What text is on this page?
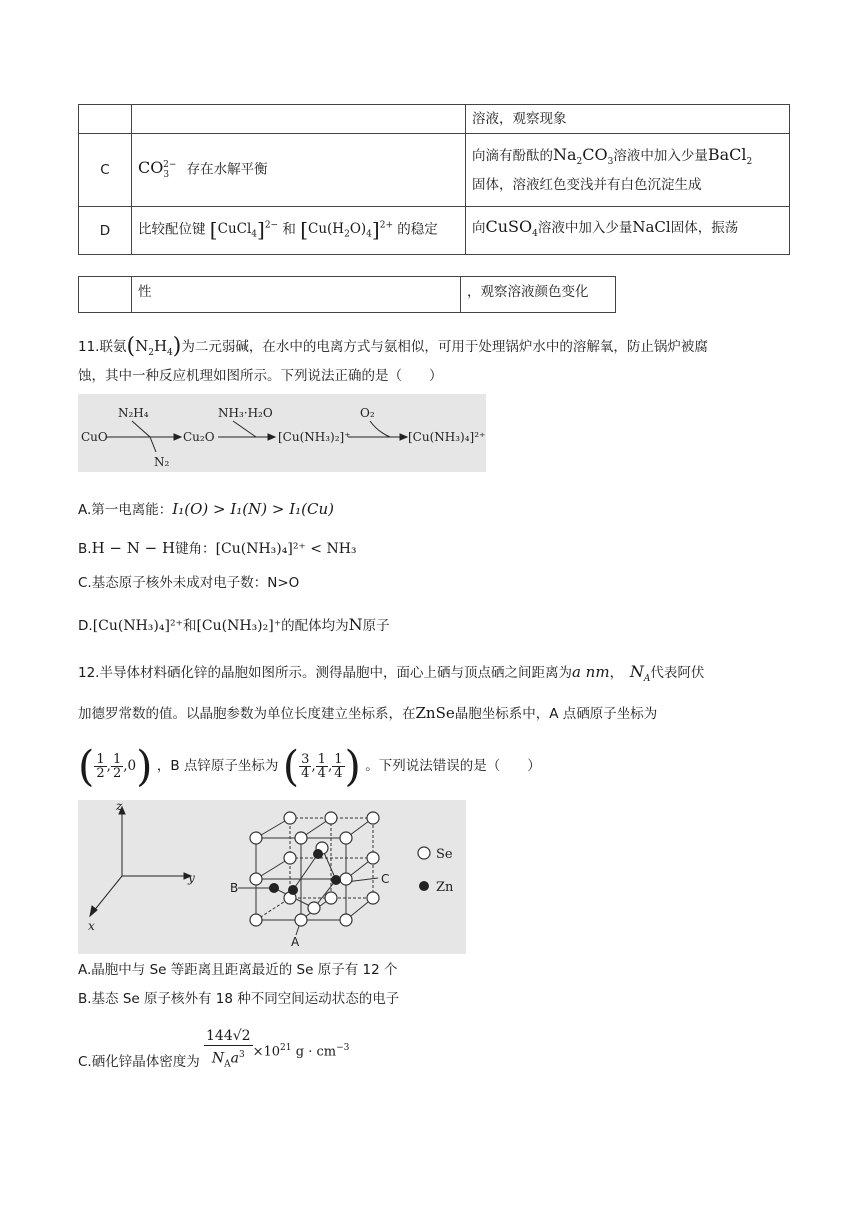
		溶液，观察现象
C	$CO_3^{2-}$ 存在水解平衡	向滴有酚酞的$Na_2CO_3$溶液中加入少量BaCl$_2$
固体，溶液红色变浅并有白色沉淀生成

D	比较配位键 [CuCl$_4$]$^{2-}$ 和 $[Cu(H_2O)_4]^{2+}$ 的稳定	向CuSO$_4$溶液中加入少量NaCl固体，振荡
	性	，观察溶液颜色变化
11.联氨$(N_2H_4)$为二元弱碱，在水中的电离方式与氨相似，可用于处理锅炉水中的溶解氧，防止锅炉被腐
蚀，其中一种反应机理如图所示。下列说法正确的是（　　）
CuO
N₂H₄
N₂
Cu₂O
NH₃·H₂O
[Cu(NH₃)₂]⁺
O₂
[Cu(NH₃)₄]²⁺
A.第一电离能：I₁(O) > I₁(N) > I₁(Cu)
B.H − N − H键角：[Cu(NH₃)₄]²⁺ < NH₃
C.基态原子核外未成对电子数：N>O
D.[Cu(NH₃)₄]²⁺和[Cu(NH₃)₂]⁺的配体均为N原子
12.半导体材料硒化锌的晶胞如图所示。测得晶胞中，面心上硒与顶点硒之间距离为a nm，  $N_A$代表阿伏
加德罗常数的值。以晶胞参数为单位长度建立坐标系，在ZnSe晶胞坐标系中，A 点硒原子坐标为
( $\frac{1}{2}$ , $\frac{1}{2} ,0$) ，B 点锌原子坐标为 ( $\frac{3}{4}$ , $\frac{1}{4}$ , $\frac{1}{4}$ ) 。下列说法错误的是（　　）
z
y
x
B
C
A
Se
Zn
A.晶胞中与 Se 等距离且距离最近的 Se 原子有 12 个
B.基态 Se 原子核外有 18 种不同空间运动状态的电子
C.硒化锌晶体密度为 $\frac{144√2}{N_Aa^3} \times 10^{21}$  $g \cdot cm^{-3}$
